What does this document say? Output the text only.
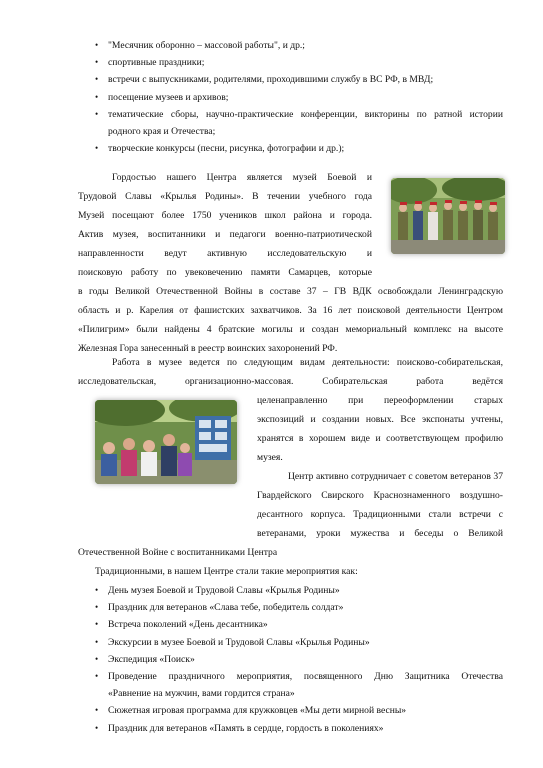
• "Месячник оборонно – массовой работы", и др.;
• спортивные праздники;
• встречи с выпускниками, родителями, проходившими службу в ВС РФ, в МВД;
• посещение музеев и архивов;
• тематические сборы, научно-практические конференции, викторины по ратной истории
родного края и Отечества;
• творческие конкурсы (песни, рисунка, фотографии и др.);
Гордостью нашего Центра является музей Боевой и
Трудовой Славы «Крылья Родины». В течении учебного года
Музей посещают более 1750 учеников школ района и города.
Актив музея, воспитанники и педагоги военно-патриотической
направленности ведут активную исследовательскую и
поисковую работу по увековечению памяти Самарцев, которые
в годы Великой Отечественной Войны в составе 37 – ГВ ВДК освобождали Ленинградскую
область и р. Карелия от фашистских захватчиков. За 16 лет поисковой деятельности Центром
«Пилигрим» были найдены 4 братские могилы и создан мемориальный комплекс на высоте
Железная Гора занесенный в реестр воинских захоронений РФ.
Работа в музее ведется по следующим видам деятельности: поисково-собирательская,
исследовательская, организационно-массовая. Собирательская работа ведётся
целенаправленно при переоформлении старых
экспозиций и создании новых. Все экспонаты учтены,
хранятся в хорошем виде и соответствующем профилю
музея.
Центр активно сотрудничает с советом ветеранов 37
Гвардейского Свирского Краснознаменного воздушно-
десантного корпуса. Традиционными стали встречи с
ветеранами, уроки мужества и беседы о Великой
Отечественной Войне с воспитанниками Центра
Традиционными, в нашем Центре стали такие мероприятия как:
• День музея Боевой и Трудовой Славы «Крылья Родины»
• Праздник для ветеранов «Слава тебе, победитель солдат»
• Встреча поколений «День десантника»
• Экскурсии в музее Боевой и Трудовой Славы «Крылья Родины»
• Экспедиция «Поиск»
• Проведение праздничного мероприятия, посвященного Дню Защитника Отечества
«Равнение на мужчин, вами гордится страна»
• Сюжетная игровая программа для кружковцев «Мы дети мирной весны»
• Праздник для ветеранов «Память в сердце, гордость в поколениях»
